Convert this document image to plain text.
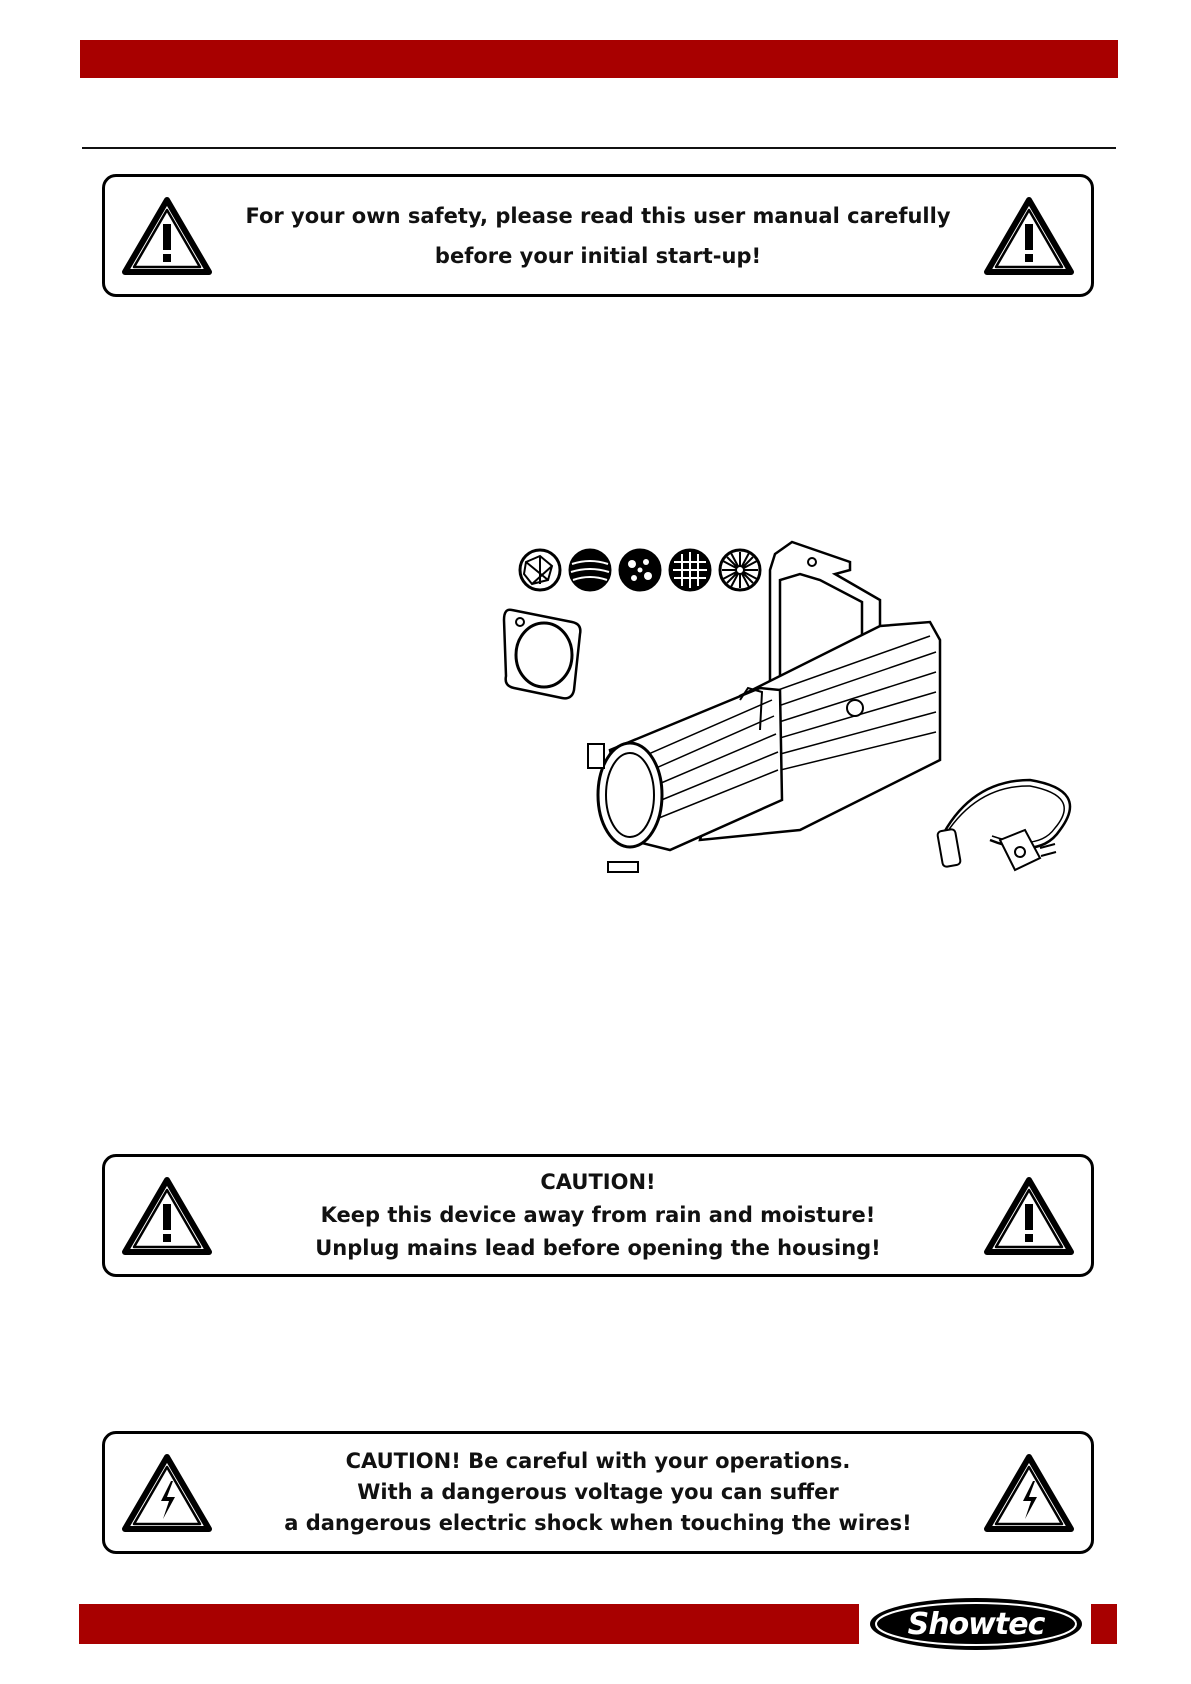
For your own safety, please read this user manual carefully
before your initial start-up!
CAUTION!
Keep this device away from rain and moisture!
Unplug mains lead before opening the housing!
CAUTION! Be careful with your operations.
With a dangerous voltage you can suffer
a dangerous electric shock when touching the wires!
Showtec
